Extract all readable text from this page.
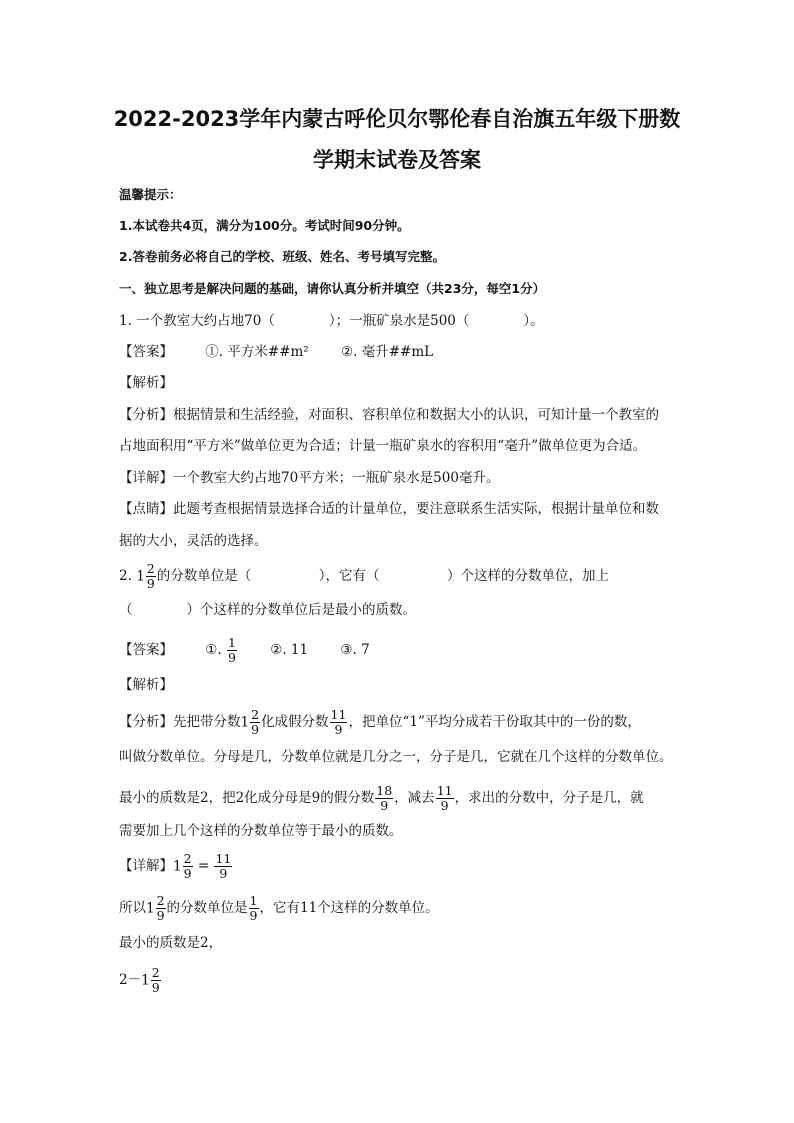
2022-2023学年内蒙古呼伦贝尔鄂伦春自治旗五年级下册数
学期末试卷及答案
温馨提示：
1.本试卷共4页，满分为100分。考试时间90分钟。
2.答卷前务必将自己的学校、班级、姓名、考号填写完整。
一、独立思考是解决问题的基础，请你认真分析并填空（共23分，每空1分）
1. 一个教室大约占地70（　　　　）；一瓶矿泉水是500（　　　　）。
【答案】 ①. 平方米##m² ②. 毫升##mL
【解析】
【分析】根据情景和生活经验，对面积、容积单位和数据大小的认识，可知计量一个教室的
占地面积用“平方米”做单位更为合适；计量一瓶矿泉水的容积用“毫升”做单位更为合适。
【详解】一个教室大约占地70平方米；一瓶矿泉水是500毫升。
【点睛】此题考查根据情景选择合适的计量单位，要注意联系生活实际，根据计量单位和数
据的大小，灵活的选择。
2. $1 \frac{2}{9}$ 的分数单位是（　　　　　），它有（　　　　　）个这样的分数单位，加上
（　　　　）个这样的分数单位后是最小的质数。
【答案】 ①. $\frac{1}{9}$ ②. 11 ③. 7
【解析】
【分析】先把带分数$1 \frac{2}{9}$ 化成假分数 $\frac{11}{9}$ ，把单位“1”平均分成若干份取其中的一份的数，
叫做分数单位。分母是几，分数单位就是几分之一，分子是几，它就在几个这样的分数单位。
最小的质数是2，把2化成分母是9的假分数 $\frac{18}{9}$ ，减去 $\frac{11}{9}$ ，求出的分数中，分子是几，就
需要加上几个这样的分数单位等于最小的质数。
【详解】$1 \frac{2}{9} = \frac{11}{9}$
所以$1 \frac{2}{9}$ 的分数单位是 $\frac{1}{9}$ ，它有11个这样的分数单位。
最小的质数是2，
$2-1 \frac{2}{9}$
